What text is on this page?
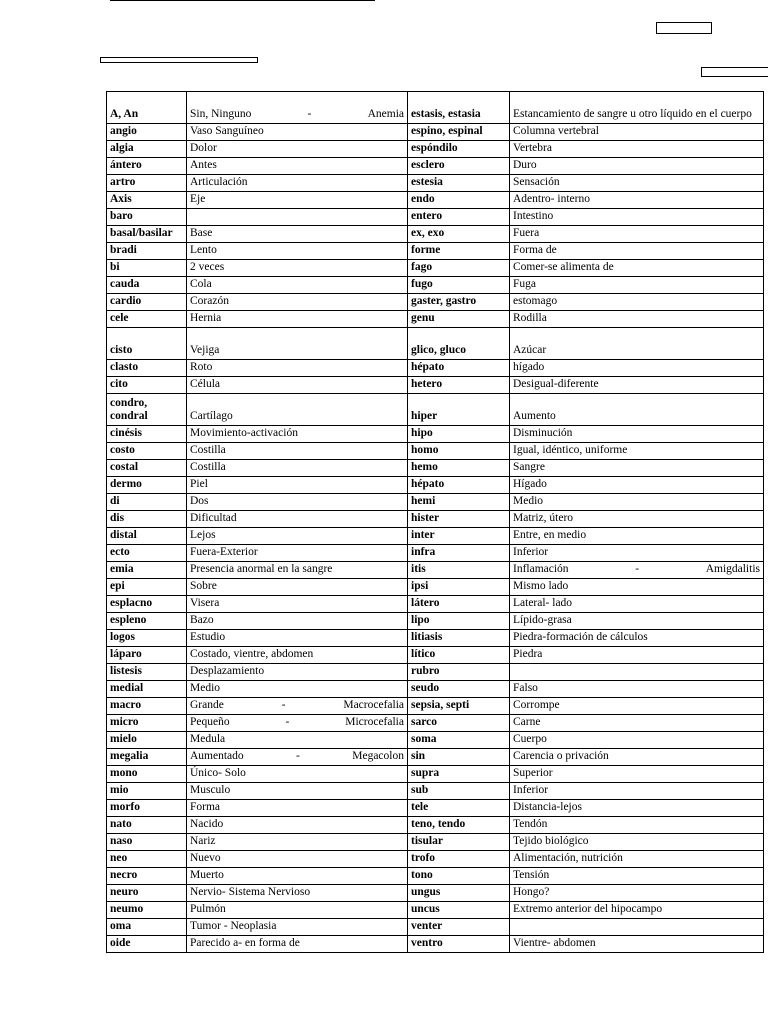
A, An	Sin, Ninguno - Anemia	estasis, estasia	Estancamiento de sangre u otro líquido en el cuerpo
angio	Vaso Sanguíneo	espino, espinal	Columna vertebral
algia	Dolor	espóndilo	Vertebra
ántero	Antes	esclero	Duro
artro	Articulación	estesia	Sensación
Axis	Eje	endo	Adentro- interno
baro		entero	Intestino
basal/basilar	Base	ex, exo	Fuera
bradi	Lento	forme	Forma de
bi	2 veces	fago	Comer-se alimenta de
cauda	Cola	fugo	Fuga
cardio	Corazón	gaster, gastro	estomago
cele	Hernia	genu	Rodilla
cisto	Vejiga	glico, gluco	Azúcar
clasto	Roto	hépato	hígado
cito	Célula	hetero	Desigual-diferente
condro, condral	Cartílago	hiper	Aumento
cinésis	Movimiento-activación	hipo	Disminución
costo	Costilla	homo	Igual, idéntico, uniforme
costal	Costilla	hemo	Sangre
dermo	Piel	hépato	Hígado
di	Dos	hemi	Medio
dis	Dificultad	hister	Matriz, útero
distal	Lejos	inter	Entre, en medio
ecto	Fuera-Exterior	infra	Inferior
emia	Presencia anormal en la sangre	itis	Inflamación - Amigdalitis

epi	Sobre	ipsi	Mismo lado
esplacno	Visera	látero	Lateral- lado
espleno	Bazo	lipo	Lípido-grasa
logos	Estudio	litiasis	Piedra-formación de cálculos
láparo	Costado, vientre, abdomen	lítico	Piedra
listesis	Desplazamiento	rubro	
medial	Medio	seudo	Falso
macro	Grande - Macrocefalia	sepsia, septi	Corrompe
micro	Pequeño - Microcefalia	sarco	Carne
mielo	Medula	soma	Cuerpo
megalia	Aumentado - Megacolon	sin	Carencia o privación
mono	Único- Solo	supra	Superior
mio	Musculo	sub	Inferior
morfo	Forma	tele	Distancia-lejos
nato	Nacido	teno, tendo	Tendón
naso	Nariz	tisular	Tejido biológico
neo	Nuevo	trofo	Alimentación, nutrición
necro	Muerto	tono	Tensión
neuro	Nervio- Sistema Nervioso	ungus	Hongo?
neumo	Pulmón	uncus	Extremo anterior del hipocampo
oma	Tumor - Neoplasia	venter	
oide	Parecido a- en forma de	ventro	Vientre- abdomen
